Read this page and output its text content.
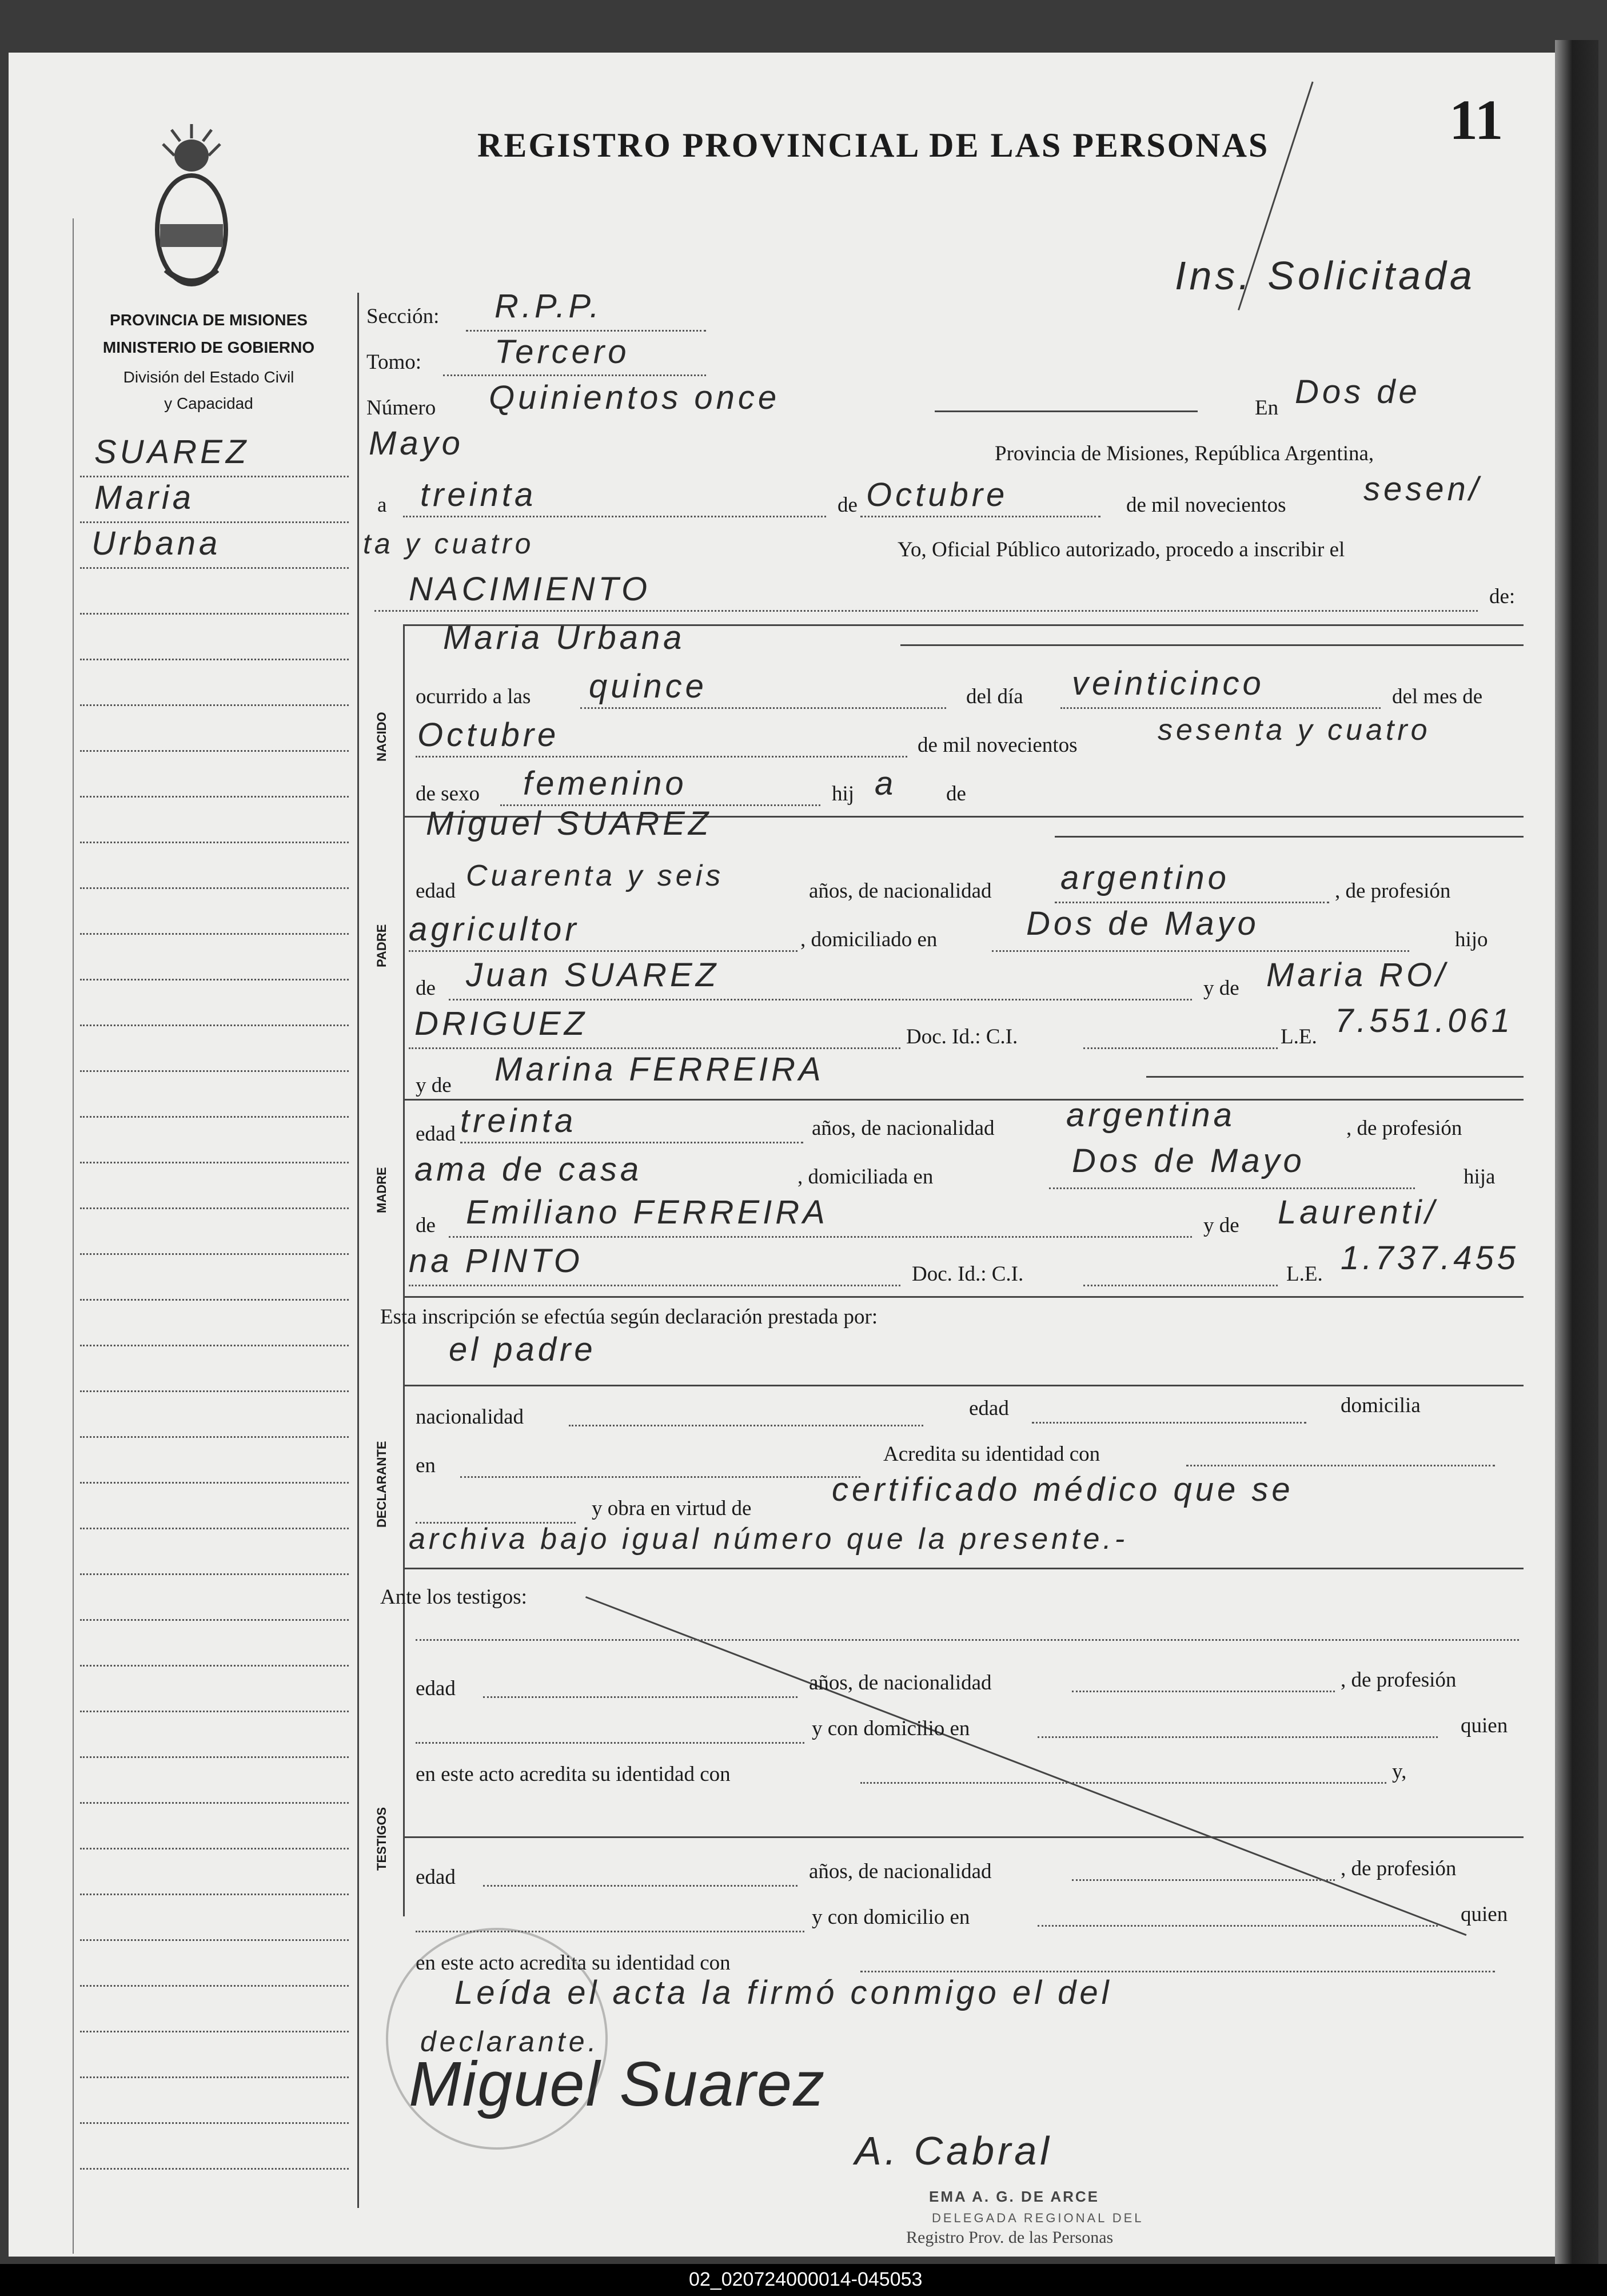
REGISTRO PROVINCIAL DE LAS PERSONAS	11
Ins. Solicitada
PROVINCIA DE MISIONES
MINISTERIO DE GOBIERNO
División del Estado Civil
y Capacidad
SUAREZ
Maria
Urbana
Sección: R.P.P.
Tomo: Tercero
Número Quinientos once	En Dos de
Mayo	Provincia de Misiones, República Argentina,
a treinta	de Octubre	de mil novecientos sesen/
ta y cuatro	Yo, Oficial Público autorizado, procedo a inscribir el
NACIMIENTO	de:
NACIDO
Maria Urbana
ocurrido a las quince	del día veinticinco	del mes de
Octubre	de mil novecientos	sesenta y cuatro
de sexo femenino	hij a de
Miguel SUAREZ
PADRE
edad Cuarenta y seis	años, de nacionalidad argentino	, de profesión
agricultor	, domiciliado en	Dos de Mayo	hijo
de Juan SUAREZ	y de Maria RO/
DRIGUEZ	Doc. Id.: C.I.	L.E. 7.551.061
y de Marina FERREIRA
MADRE
edad treinta	años, de nacionalidad argentina	, de profesión
ama de casa	, domiciliada en	Dos de Mayo	hija
de Emiliano FERREIRA	y de Laurenti/
na PINTO	Doc. Id.: C.I.	L.E. 1.737.455
Esta inscripción se efectúa según declaración prestada por:
el padre
DECLARANTE
nacionalidad	edad	domicilia
en	Acredita su identidad con
y obra en virtud de
certificado médico que se
archiva bajo igual número que la presente.-
Ante los testigos:
TESTIGOS
edad	años, de nacionalidad	, de profesión
y con domicilio en	quien
en este acto acredita su identidad con	y,
edad	años, de nacionalidad	, de profesión
y con domicilio en	quien
en este acto acredita su identidad con
Leída el acta la firmó conmigo el del
declarante.
Miguel Suarez
A. Cabral
EMA A. G. DE ARCE
DELEGADA REGIONAL DEL
Registro Prov. de las Personas
02_020724000014-045053
